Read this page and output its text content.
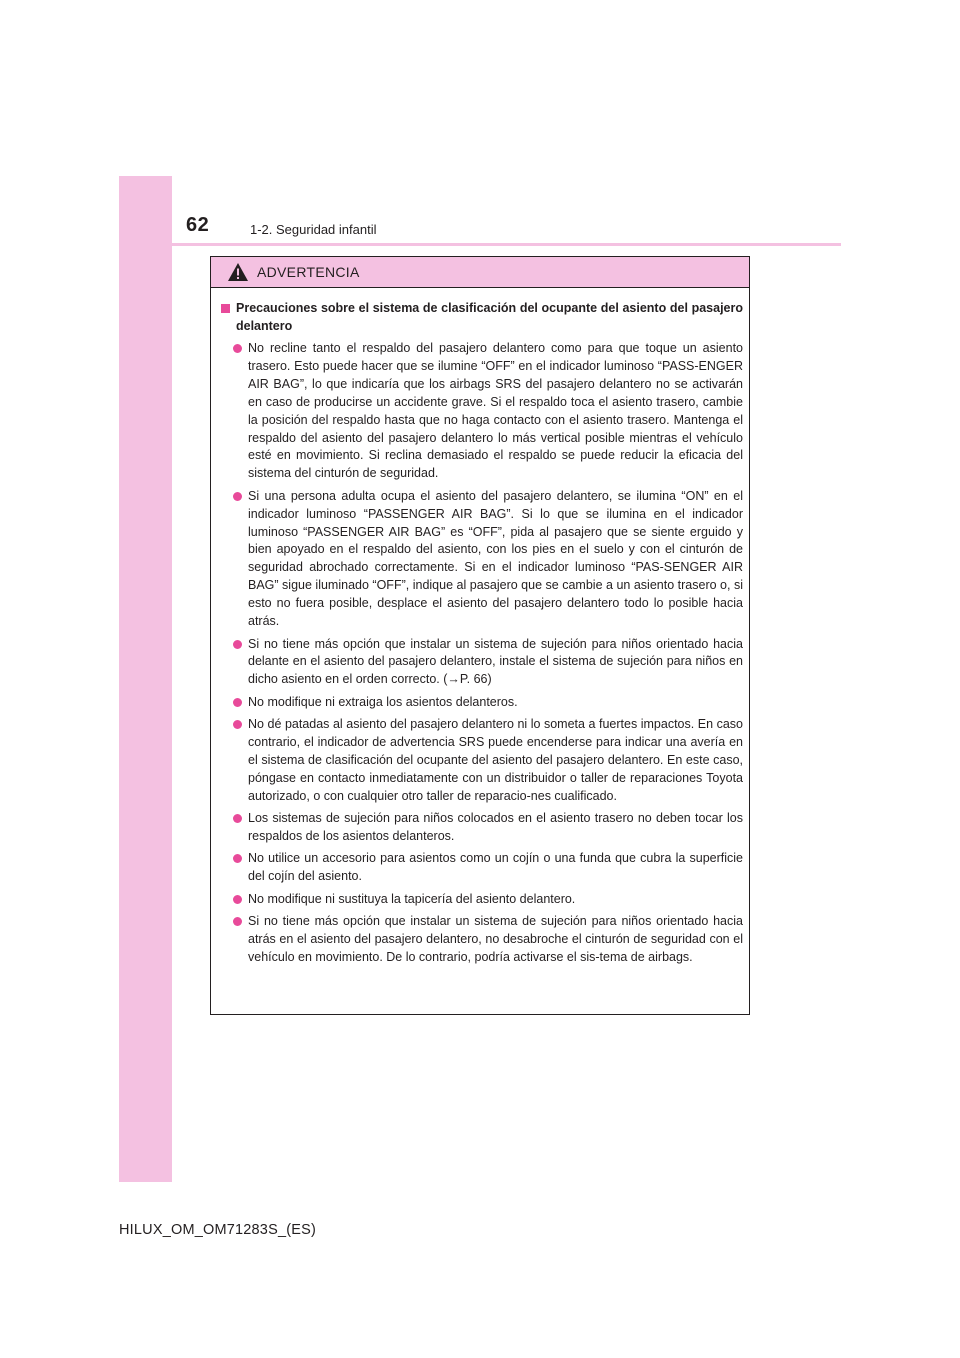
62	1-2. Seguridad infantil
ADVERTENCIA
Precauciones sobre el sistema de clasificación del ocupante del asiento del pasajero delantero
No recline tanto el respaldo del pasajero delantero como para que toque un asiento trasero. Esto puede hacer que se ilumine “OFF” en el indicador luminoso “PASS-ENGER AIR BAG”, lo que indicaría que los airbags SRS del pasajero delantero no se activarán en caso de producirse un accidente grave. Si el respaldo toca el asiento trasero, cambie la posición del respaldo hasta que no haga contacto con el asiento trasero. Mantenga el respaldo del asiento del pasajero delantero lo más vertical posible mientras el vehículo esté en movimiento. Si reclina demasiado el respaldo se puede reducir la eficacia del sistema del cinturón de seguridad.
Si una persona adulta ocupa el asiento del pasajero delantero, se ilumina “ON” en el indicador luminoso “PASSENGER AIR BAG”. Si lo que se ilumina en el indicador luminoso “PASSENGER AIR BAG” es “OFF”, pida al pasajero que se siente erguido y bien apoyado en el respaldo del asiento, con los pies en el suelo y con el cinturón de seguridad abrochado correctamente. Si en el indicador luminoso “PAS-SENGER AIR BAG” sigue iluminado “OFF”, indique al pasajero que se cambie a un asiento trasero o, si esto no fuera posible, desplace el asiento del pasajero delantero todo lo posible hacia atrás.
Si no tiene más opción que instalar un sistema de sujeción para niños orientado hacia delante en el asiento del pasajero delantero, instale el sistema de sujeción para niños en dicho asiento en el orden correcto. (→P. 66)
No modifique ni extraiga los asientos delanteros.
No dé patadas al asiento del pasajero delantero ni lo someta a fuertes impactos. En caso contrario, el indicador de advertencia SRS puede encenderse para indicar una avería en el sistema de clasificación del ocupante del asiento del pasajero delantero. En este caso, póngase en contacto inmediatamente con un distribuidor o taller de reparaciones Toyota autorizado, o con cualquier otro taller de reparacio-nes cualificado.
Los sistemas de sujeción para niños colocados en el asiento trasero no deben tocar los respaldos de los asientos delanteros.
No utilice un accesorio para asientos como un cojín o una funda que cubra la superficie del cojín del asiento.
No modifique ni sustituya la tapicería del asiento delantero.
Si no tiene más opción que instalar un sistema de sujeción para niños orientado hacia atrás en el asiento del pasajero delantero, no desabroche el cinturón de seguridad con el vehículo en movimiento. De lo contrario, podría activarse el sis-tema de airbags.
HILUX_OM_OM71283S_(ES)
